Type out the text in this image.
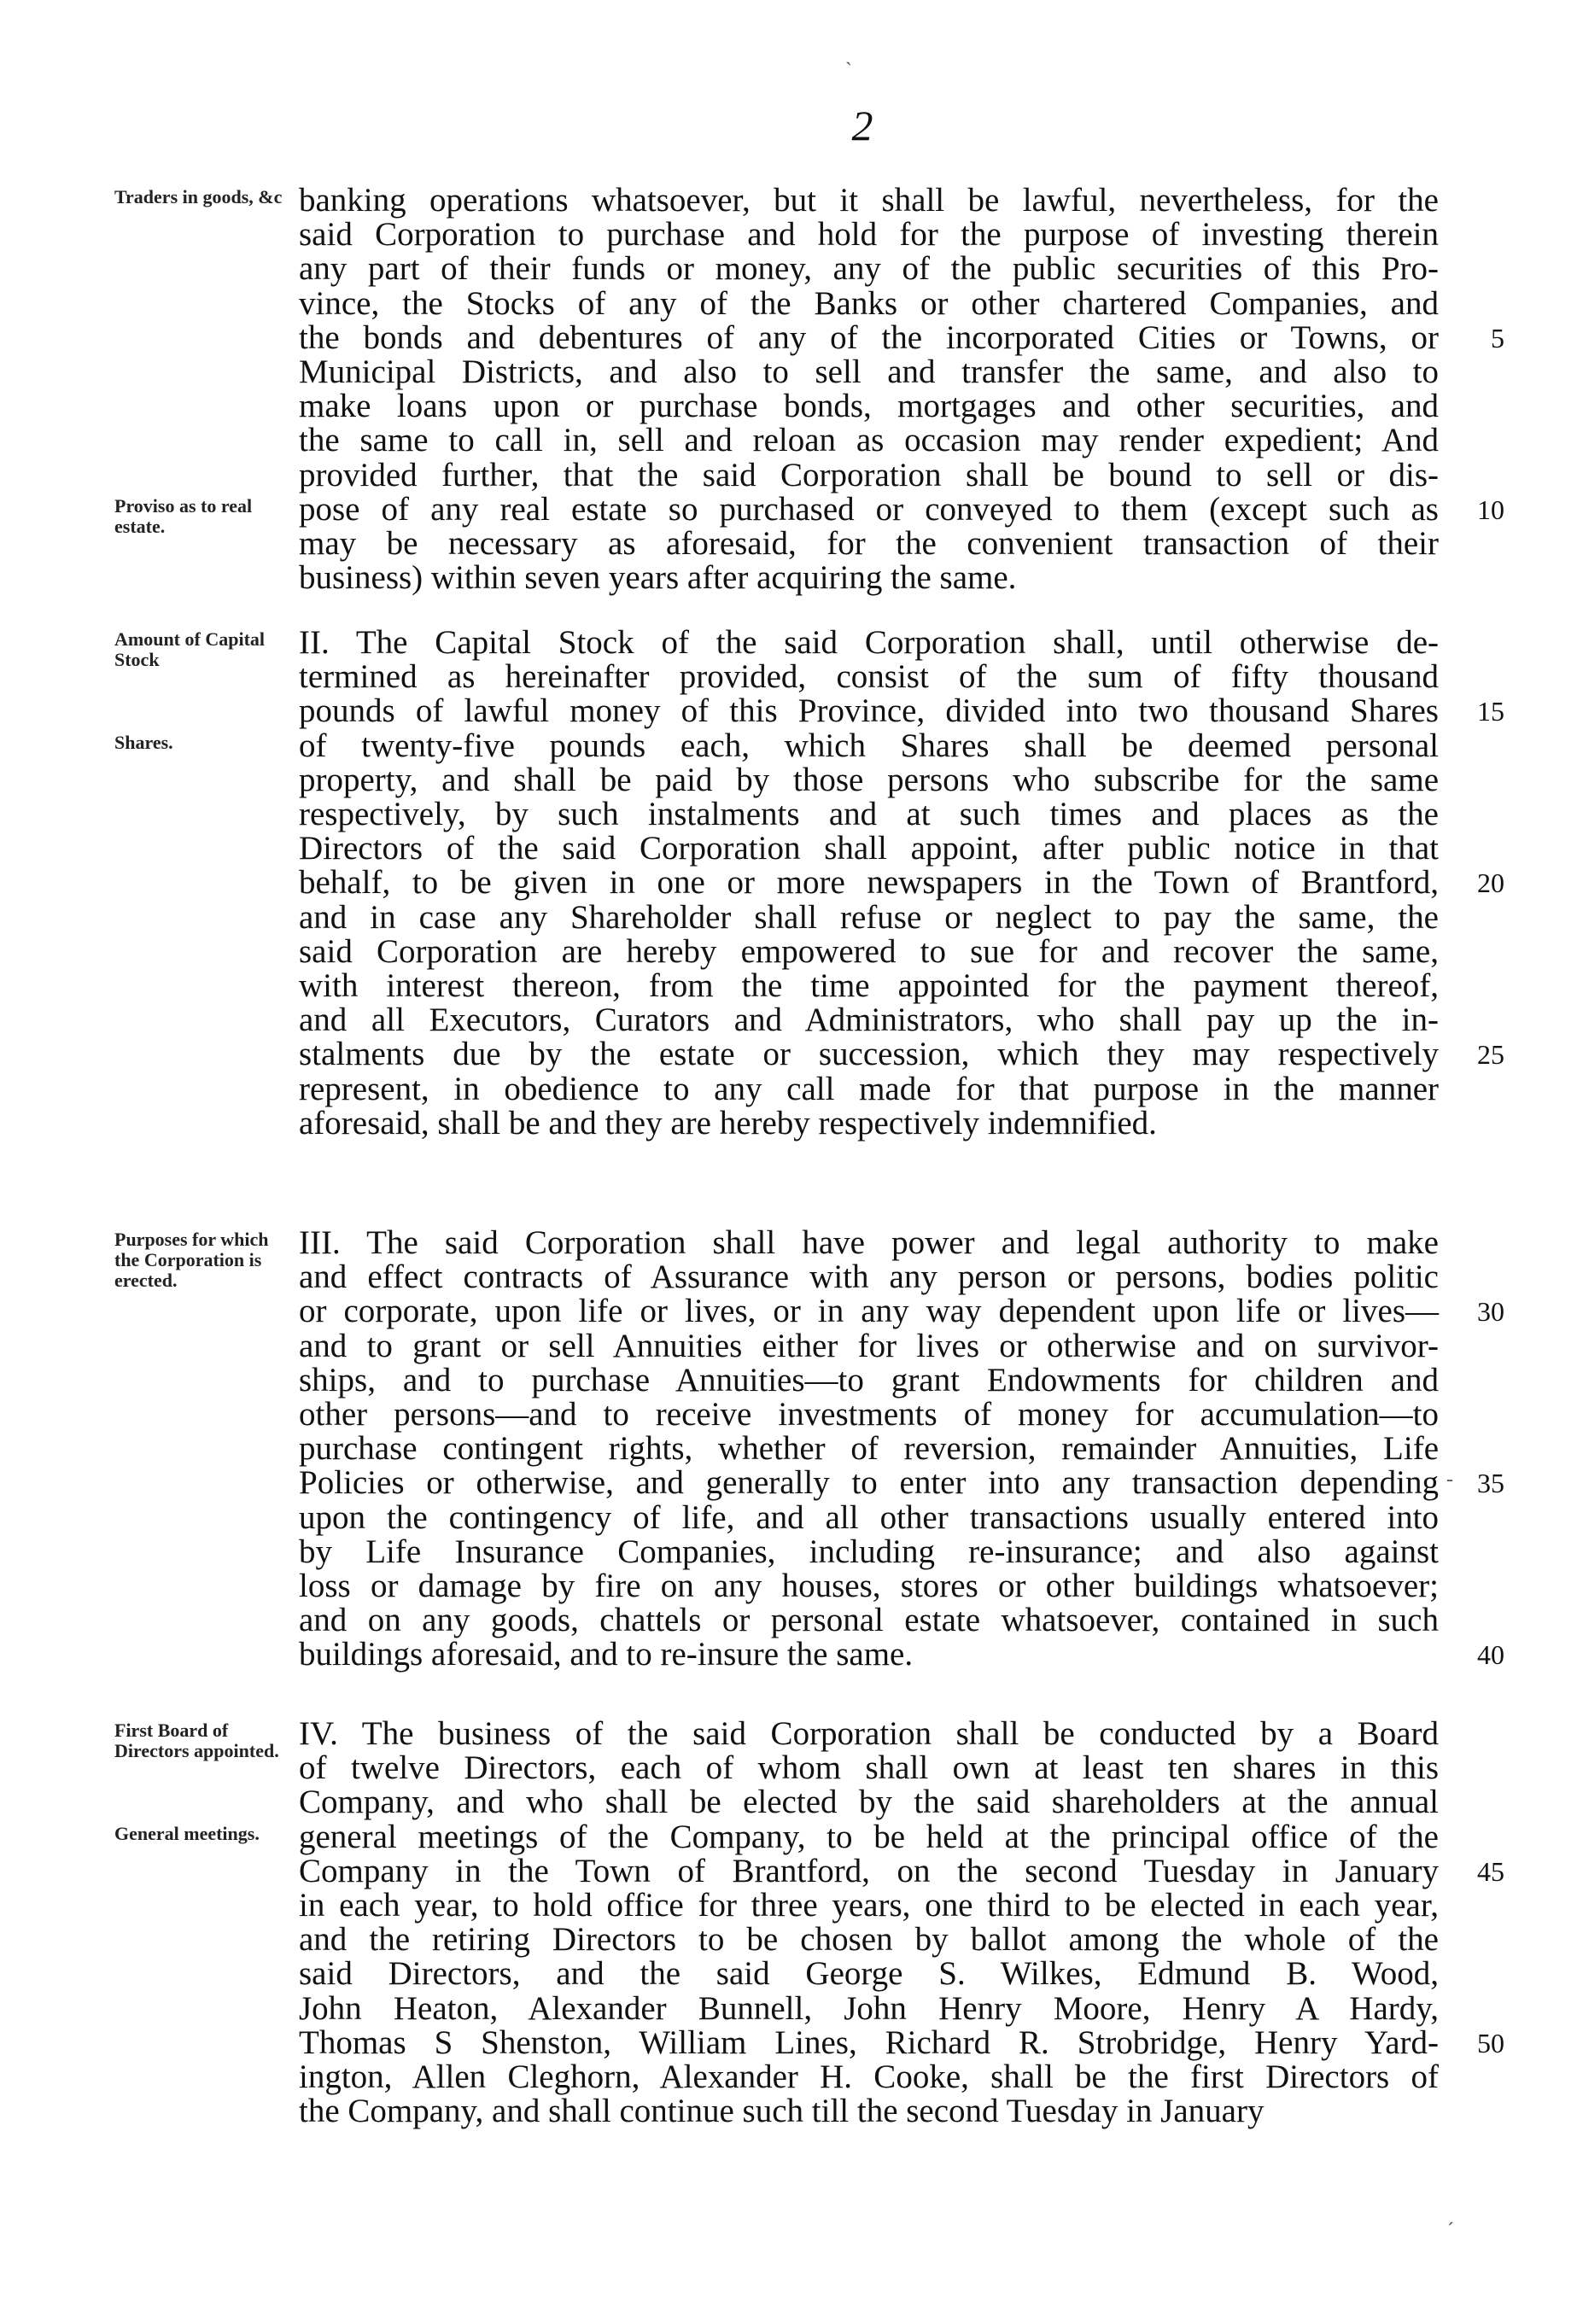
2
banking operations whatsoever, but it shall be lawful, nevertheless, for the
said Corporation to purchase and hold for the purpose of investing therein
any part of their funds or money, any of the public securities of this Pro-
vince, the Stocks of any of the Banks or other chartered Companies, and
the bonds and debentures of any of the incorporated Cities or Towns, or
Municipal Districts, and also to sell and transfer the same, and also to
make loans upon or purchase bonds, mortgages and other securities, and
the same to call in, sell and reloan as occasion may render expedient; And
provided further, that the said Corporation shall be bound to sell or dis-
pose of any real estate so purchased or conveyed to them (except such as
may be necessary as aforesaid, for the convenient transaction of their
business) within seven years after acquiring the same.
Traders in goods, &c
Proviso as to real estate.
5
10
II. The Capital Stock of the said Corporation shall, until otherwise de-
termined as hereinafter provided, consist of the sum of fifty thousand
pounds of lawful money of this Province, divided into two thousand Shares
of twenty-five pounds each, which Shares shall be deemed personal
property, and shall be paid by those persons who subscribe for the same
respectively, by such instalments and at such times and places as the
Directors of the said Corporation shall appoint, after public notice in that
behalf, to be given in one or more newspapers in the Town of Brantford,
and in case any Shareholder shall refuse or neglect to pay the same, the
said Corporation are hereby empowered to sue for and recover the same,
with interest thereon, from the time appointed for the payment thereof,
and all Executors, Curators and Administrators, who shall pay up the in-
stalments due by the estate or succession, which they may respectively
represent, in obedience to any call made for that purpose in the manner
aforesaid, shall be and they are hereby respectively indemnified.
Amount of Capital Stock
Shares.
15
20
25
III. The said Corporation shall have power and legal authority to make
and effect contracts of Assurance with any person or persons, bodies politic
or corporate, upon life or lives, or in any way dependent upon life or lives—
and to grant or sell Annuities either for lives or otherwise and on survivor-
ships, and to purchase Annuities—to grant Endowments for children and
other persons—and to receive investments of money for accumulation—to
purchase contingent rights, whether of reversion, remainder Annuities, Life
Policies or otherwise, and generally to enter into any transaction depending
upon the contingency of life, and all other transactions usually entered into
by Life Insurance Companies, including re-insurance; and also against
loss or damage by fire on any houses, stores or other buildings whatsoever;
and on any goods, chattels or personal estate whatsoever, contained in such
buildings aforesaid, and to re-insure the same.
Purposes for which the Corporation is erected.
30
35
40
IV. The business of the said Corporation shall be conducted by a Board
of twelve Directors, each of whom shall own at least ten shares in this
Company, and who shall be elected by the said shareholders at the annual
general meetings of the Company, to be held at the principal office of the
Company in the Town of Brantford, on the second Tuesday in January
in each year, to hold office for three years, one third to be elected in each year,
and the retiring Directors to be chosen by ballot among the whole of the
said Directors, and the said George S. Wilkes, Edmund B. Wood,
John Heaton, Alexander Bunnell, John Henry Moore, Henry A Hardy,
Thomas S Shenston, William Lines, Richard R. Strobridge, Henry Yard-
ington, Allen Cleghorn, Alexander H. Cooke, shall be the first Directors of
the Company, and shall continue such till the second Tuesday in January
First Board of Directors appointed.
General meetings.
45
50
ˋ
-
ˊ
